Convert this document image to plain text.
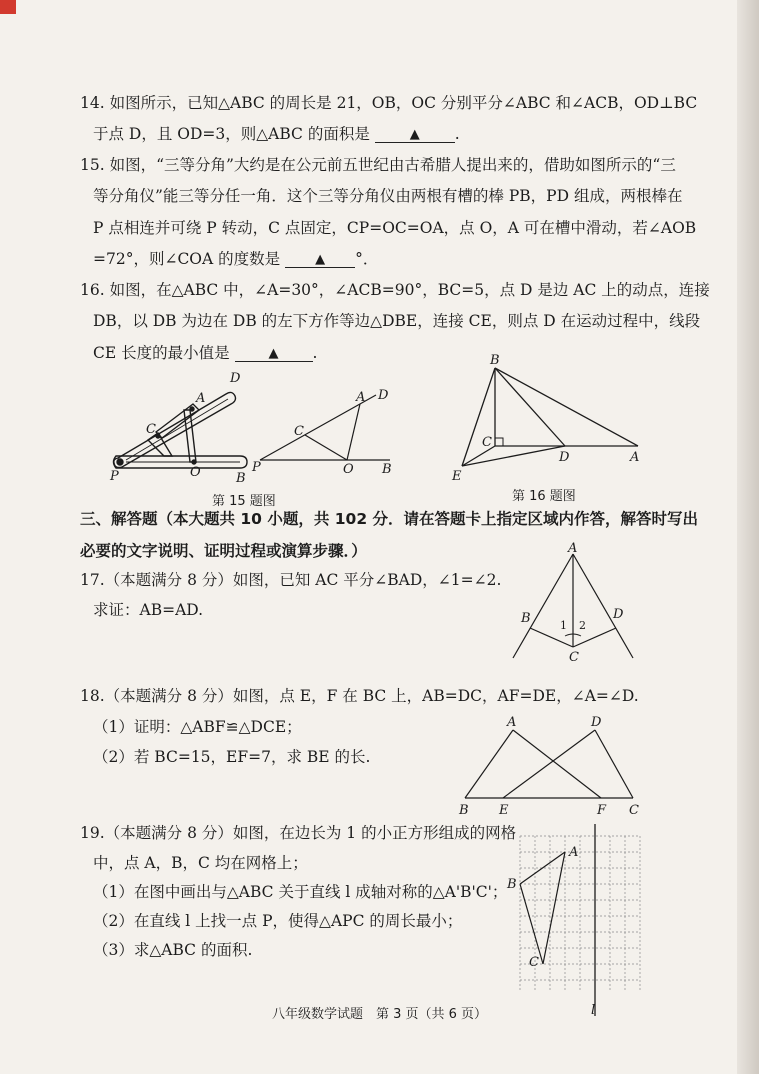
14. 如图所示，已知△ABC 的周长是 21，OB，OC 分别平分∠ABC 和∠ACB，OD⊥BC
于点 D，且 OD=3，则△ABC 的面积是	▲ .
15. 如图，“三等分角”大约是在公元前五世纪由古希腊人提出来的，借助如图所示的“三
等分角仪”能三等分任一角．这个三等分角仪由两根有槽的棒 PB，PD 组成，两根棒在
P 点相连并可绕 P 转动，C 点固定，CP=OC=OA，点 O，A 可在槽中滑动，若∠AOB
=72°，则∠COA 的度数是	▲ °．
16. 如图，在△ABC 中，∠A=30°，∠ACB=90°，BC=5，点 D 是边 AC 上的动点，连接
DB，以 DB 为边在 DB 的左下方作等边△DBE，连接 CE，则点 D 在运动过程中，线段
CE 长度的最小值是	▲ .
D
A
C
O
P	B
A D
C
P	O B
B
C
D	A
E
第 15 题图	第 16 题图
三、解答题（本大题共 10 小题，共 102 分．请在答题卡上指定区域内作答，解答时写出
必要的文字说明、证明过程或演算步骤．）
17.（本题满分 8 分）如图，已知 AC 平分∠BAD，∠1=∠2.
求证：AB=AD.
A
B	D
C
1 2
18.（本题满分 8 分）如图，点 E，F 在 BC 上，AB=DC，AF=DE，∠A=∠D.
（1）证明：△ABF≌△DCE；
（2）若 BC=15，EF=7，求 BE 的长.
A	D
B E	F C
19.（本题满分 8 分）如图，在边长为 1 的小正方形组成的网格
中，点 A，B，C 均在网格上；
（1）在图中画出与△ABC 关于直线 l 成轴对称的△A'B'C'；
（2）在直线 l 上找一点 P，使得△APC 的周长最小；
（3）求△ABC 的面积.
A
B
C
l
八年级数学试题　第 3 页（共 6 页）
